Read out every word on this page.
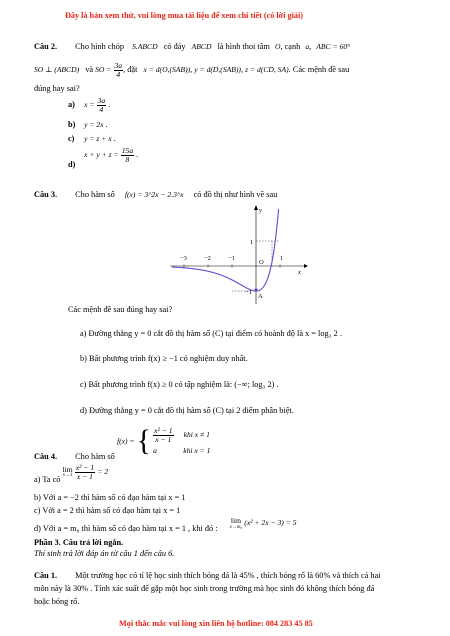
Đây là bản xem thử, vui lòng mua tài liệu để xem chi tiết (có lời giải)
Câu 2. Cho hình chóp S.ABCD có đáy ABCD là hình thoi tâm O, cạnh a, ABC = 60°
SO ⊥ (ABCD) và SO = $\frac{3a}{4}$ , đặt x = d(O,(SAB)), y = d(D,(SAB)), z = d(CD, SA). Các mệnh đề sau
đúng hay sai?
a) $x = \frac{3a}{4}$ .
b) y = 2x .
c) y = z + x .
d) $x + y + z = \frac{15a}{8}$ .
Câu 3. Cho hàm số f(x) = 3^2x − 2.3^x có đồ thị như hình vẽ sau
−3	−2	−1	1
1
−1
O
A
x
y
Các mệnh đề sau đúng hay sai?
a) Đường thẳng y = 0 cắt đồ thị hàm số (C) tại điểm có hoành độ là x = log₃ 2 .
b) Bất phương trình f(x) ≥ −1 có nghiệm duy nhất.
c) Bất phương trình f(x) ≥ 0 có tập nghiệm là: (−∞; log₃ 2) .
d) Đường thẳng y = 0 cắt đồ thị hàm số (C) tại 2 điểm phân biệt.
f(x) = { $\frac{\text{x² − 1}}{x - 1}$ khi x ≠ 1
a	khi x = 1
Câu 4. Cho hàm số
a) Ta có
lim
x→1
$\frac{\text{x² − 1}}{x - 1} = 2$
b) Với a = −2 thì hàm số có đạo hàm tại x = 1
c) Với a = 2 thì hàm số có đạo hàm tại x = 1
d) Với a = m₀ thì hàm số có đạo hàm tại x = 1 , khi đó :
lim
x→m₀ (x² + 2x − 3) = 5
Phần 3. Câu trả lời ngắn.
Thí sinh trả lời đáp án từ câu 1 đến câu 6.
Câu 1. Một trường học có tỉ lệ học sinh thích bóng đá là 45% , thích bóng rổ là 60% và thích cả hai
môn này là 30% . Tính xác suất để gặp một học sinh trong trường mà học sinh đó không thích bóng đá
hoặc bóng rổ.
Mọi thắc mắc vui lòng xin liên hệ hotline: 084 283 45 85
